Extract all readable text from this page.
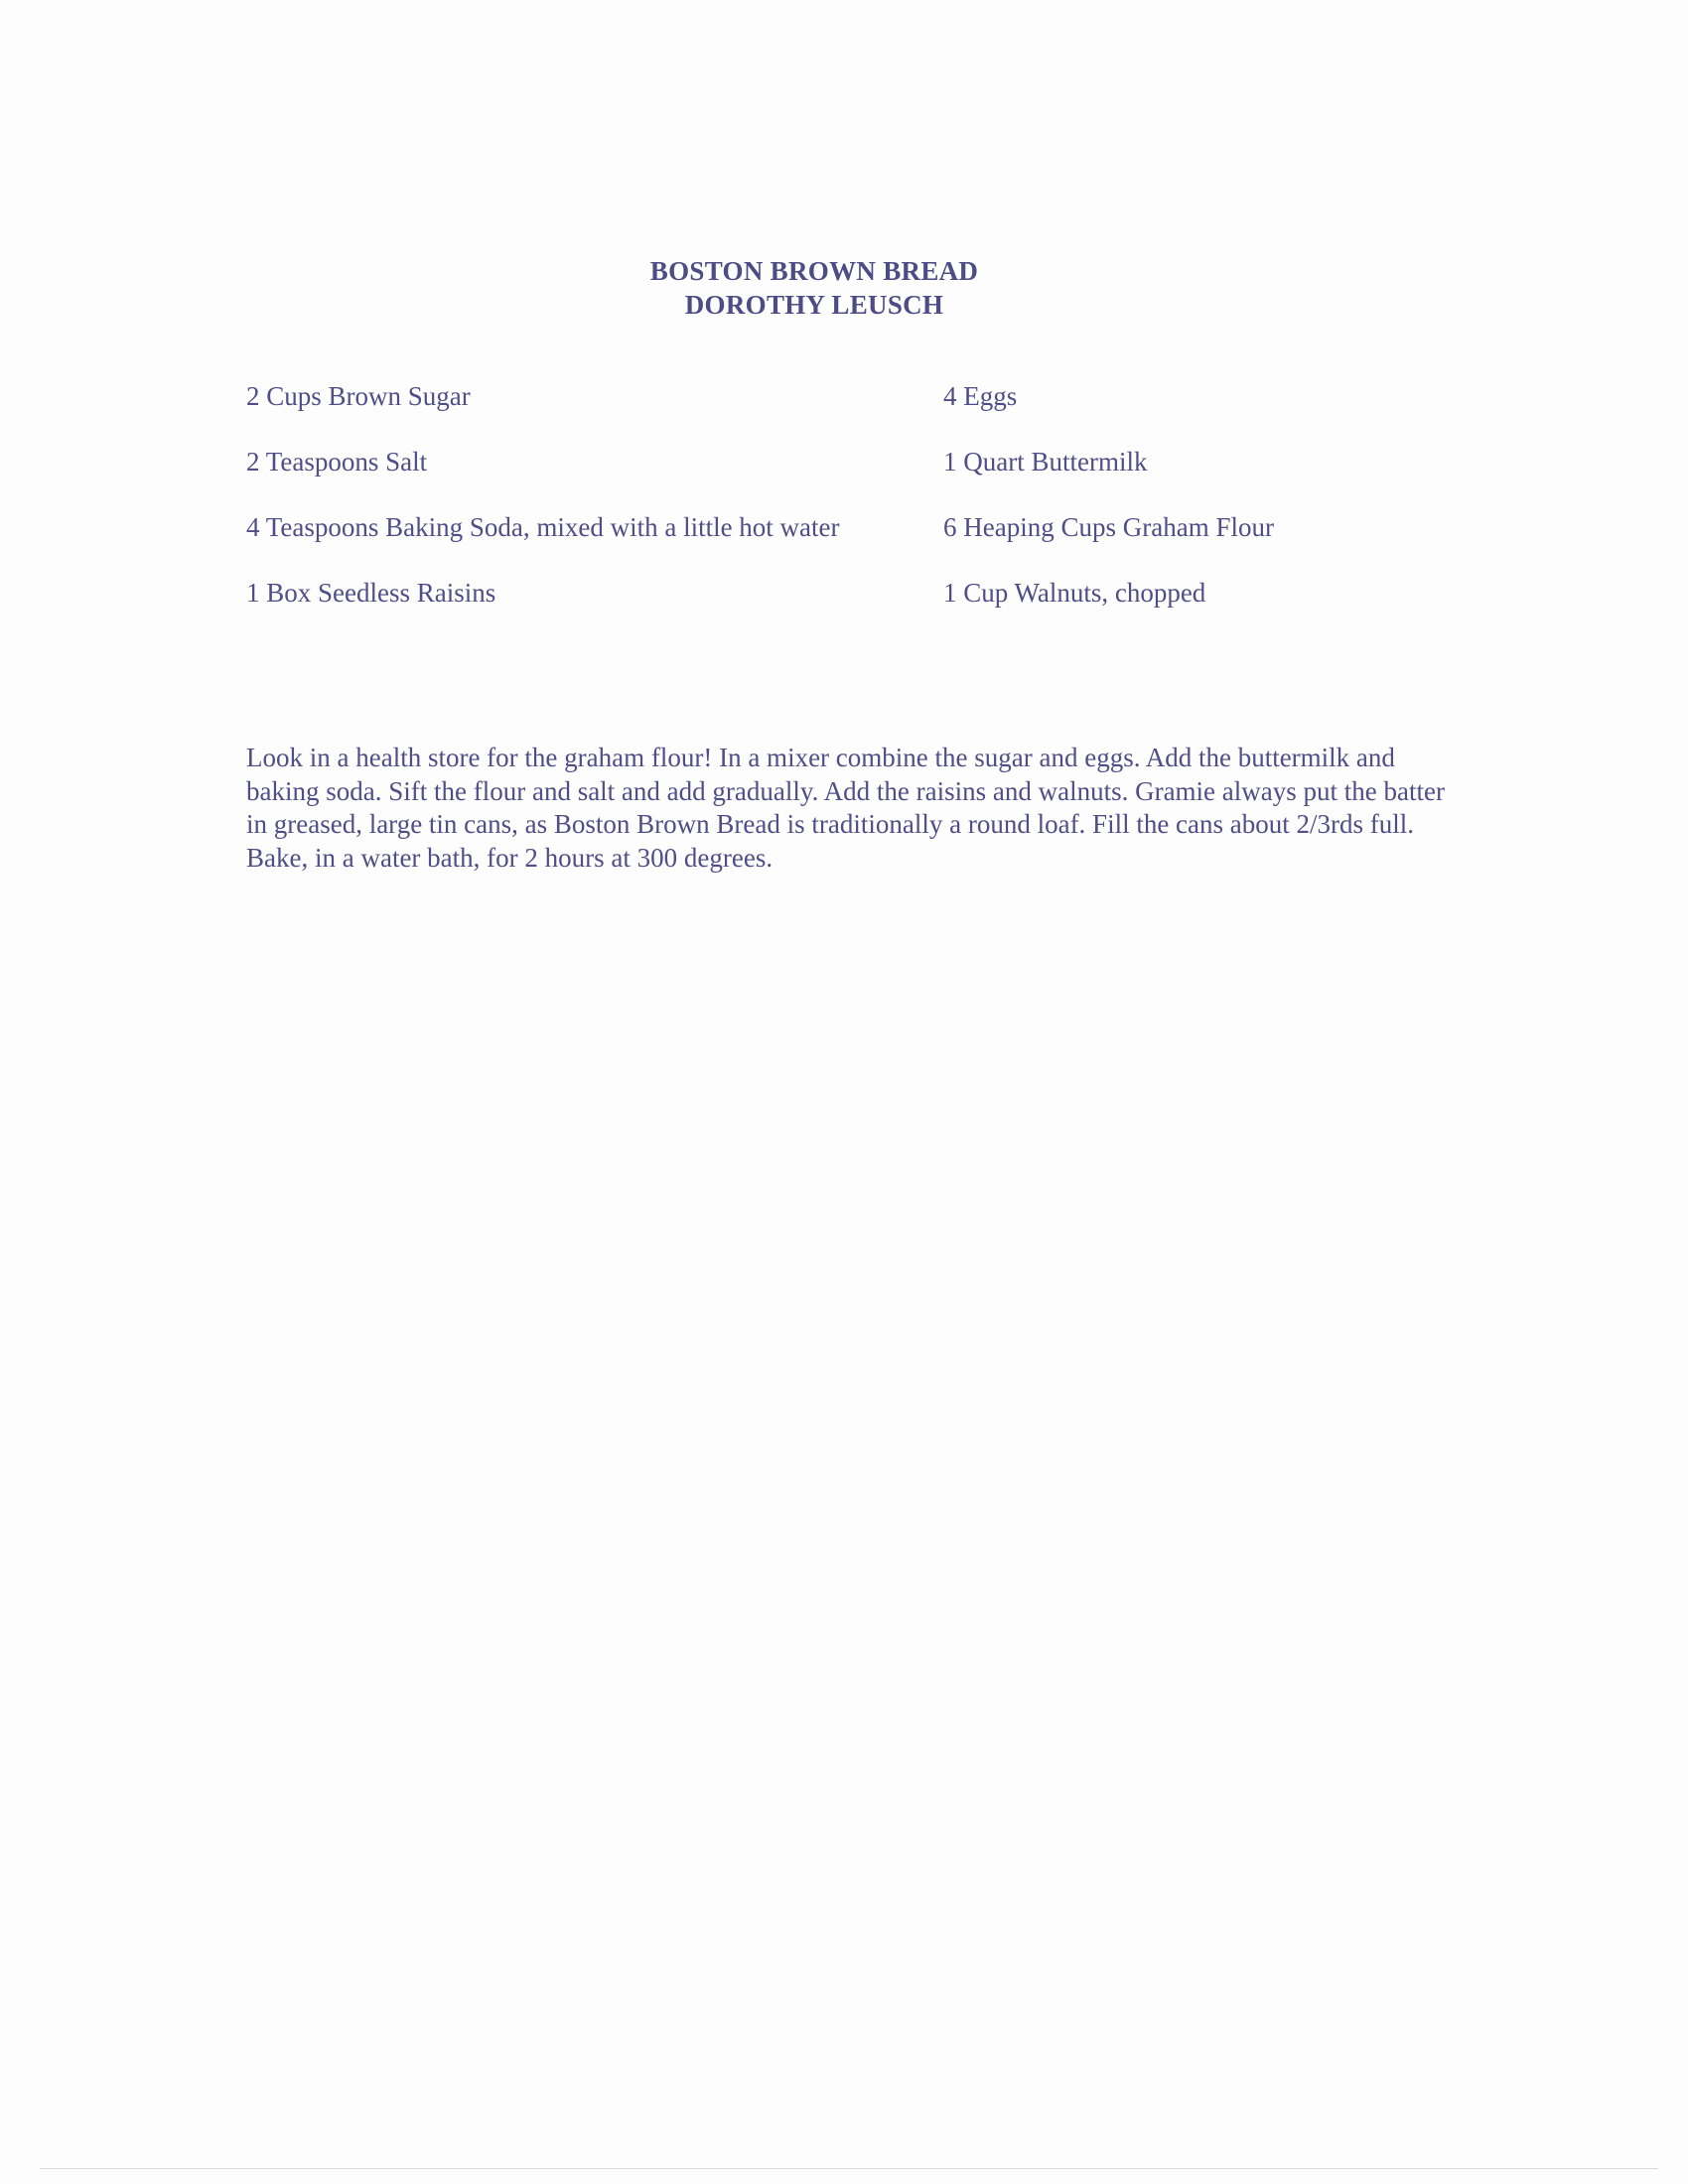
BOSTON BROWN BREAD
DOROTHY LEUSCH
2 Cups Brown Sugar	4 Eggs
2 Teaspoons Salt	1 Quart Buttermilk
4 Teaspoons Baking Soda, mixed with a little hot water	6 Heaping Cups Graham Flour
1 Box Seedless Raisins	1 Cup Walnuts, chopped

Look in a health store for the graham flour! In a mixer combine the sugar and eggs. Add the buttermilk and baking soda. Sift the flour and salt and add gradually. Add the raisins and walnuts. Gramie always put the batter in greased, large tin cans, as Boston Brown Bread is traditionally a round loaf. Fill the cans about 2/3rds full. Bake, in a water bath, for 2 hours at 300 degrees.
